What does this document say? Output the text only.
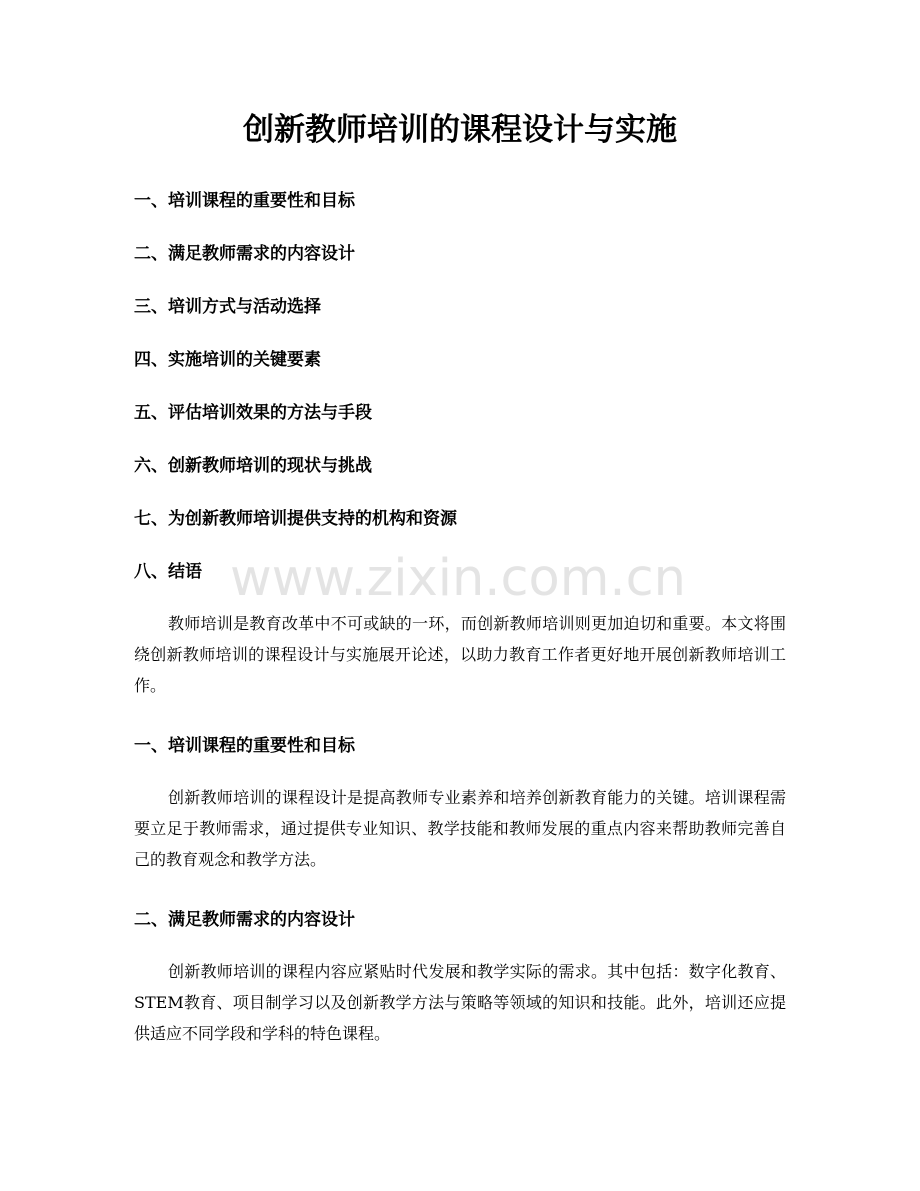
创新教师培训的课程设计与实施
一、培训课程的重要性和目标
二、满足教师需求的内容设计
三、培训方式与活动选择
四、实施培训的关键要素
五、评估培训效果的方法与手段
六、创新教师培训的现状与挑战
七、为创新教师培训提供支持的机构和资源
八、结语 www.zixin.com.cn

教师培训是教育改革中不可或缺的一环，而创新教师培训则更加迫切和重要。本文将围绕创新教师培训的课程设计与实施展开论述，以助力教育工作者更好地开展创新教师培训工作。

一、培训课程的重要性和目标

创新教师培训的课程设计是提高教师专业素养和培养创新教育能力的关键。培训课程需要立足于教师需求，通过提供专业知识、教学技能和教师发展的重点内容来帮助教师完善自己的教育观念和教学方法。

二、满足教师需求的内容设计

创新教师培训的课程内容应紧贴时代发展和教学实际的需求。其中包括：数字化教育、STEM教育、项目制学习以及创新教学方法与策略等领域的知识和技能。此外，培训还应提供适应不同学段和学科的特色课程。
